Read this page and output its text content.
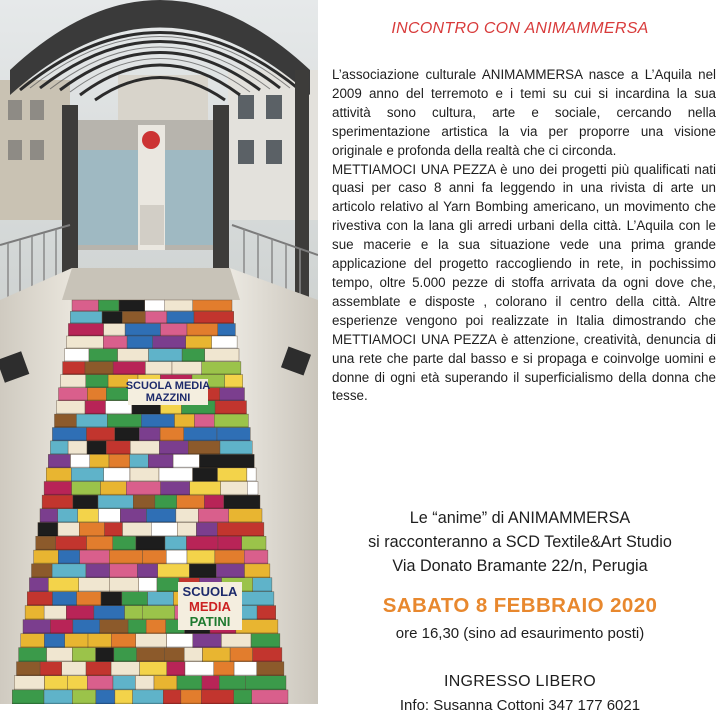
SCUOLA MEDIA
MAZZINI
SCUOLA
MEDIA
PATINI
INCONTRO CON ANIMAMMERSA

L’associazione culturale ANIMAMMERSA nasce a L’Aquila nel 2009 anno del terremoto e i temi su cui si incardina la sua attività sono cultura, arte e sociale, cercando nella sperimentazione artistica la via per proporre una visione originale e profonda della realtà che ci circonda.

METTIAMOCI UNA PEZZA è uno dei progetti più qualificati nati quasi per caso 8 anni fa leggendo in una rivista di arte un articolo relativo al Yarn Bombing americano, un movimento che rivestiva con la lana gli arredi urbani della città. L’Aquila con le sue macerie e la sua situazione vede una prima grande applicazione del progetto raccogliendo in rete, in pochissimo tempo, oltre 5.000 pezze di stoffa arrivata da ogni dove che, assemblate e disposte , colorano il centro della città. Altre esperienze vengono poi realizzate in Italia dimostrando che METTIAMOCI UNA PEZZA è attenzione, creatività, denuncia di una rete che parte dal basso e si propaga e coinvolge uomini e donne di ogni età superando il superficialismo della donna che tesse.

Le “anime” di ANIMAMMERSA
si racconteranno a SCD Textile&Art Studio
Via Donato Bramante 22/n, Perugia
SABATO 8 FEBBRAIO 2020
ore 16,30 (sino ad esaurimento posti)
INGRESSO LIBERO
Info: Susanna Cottoni 347 177 6021
